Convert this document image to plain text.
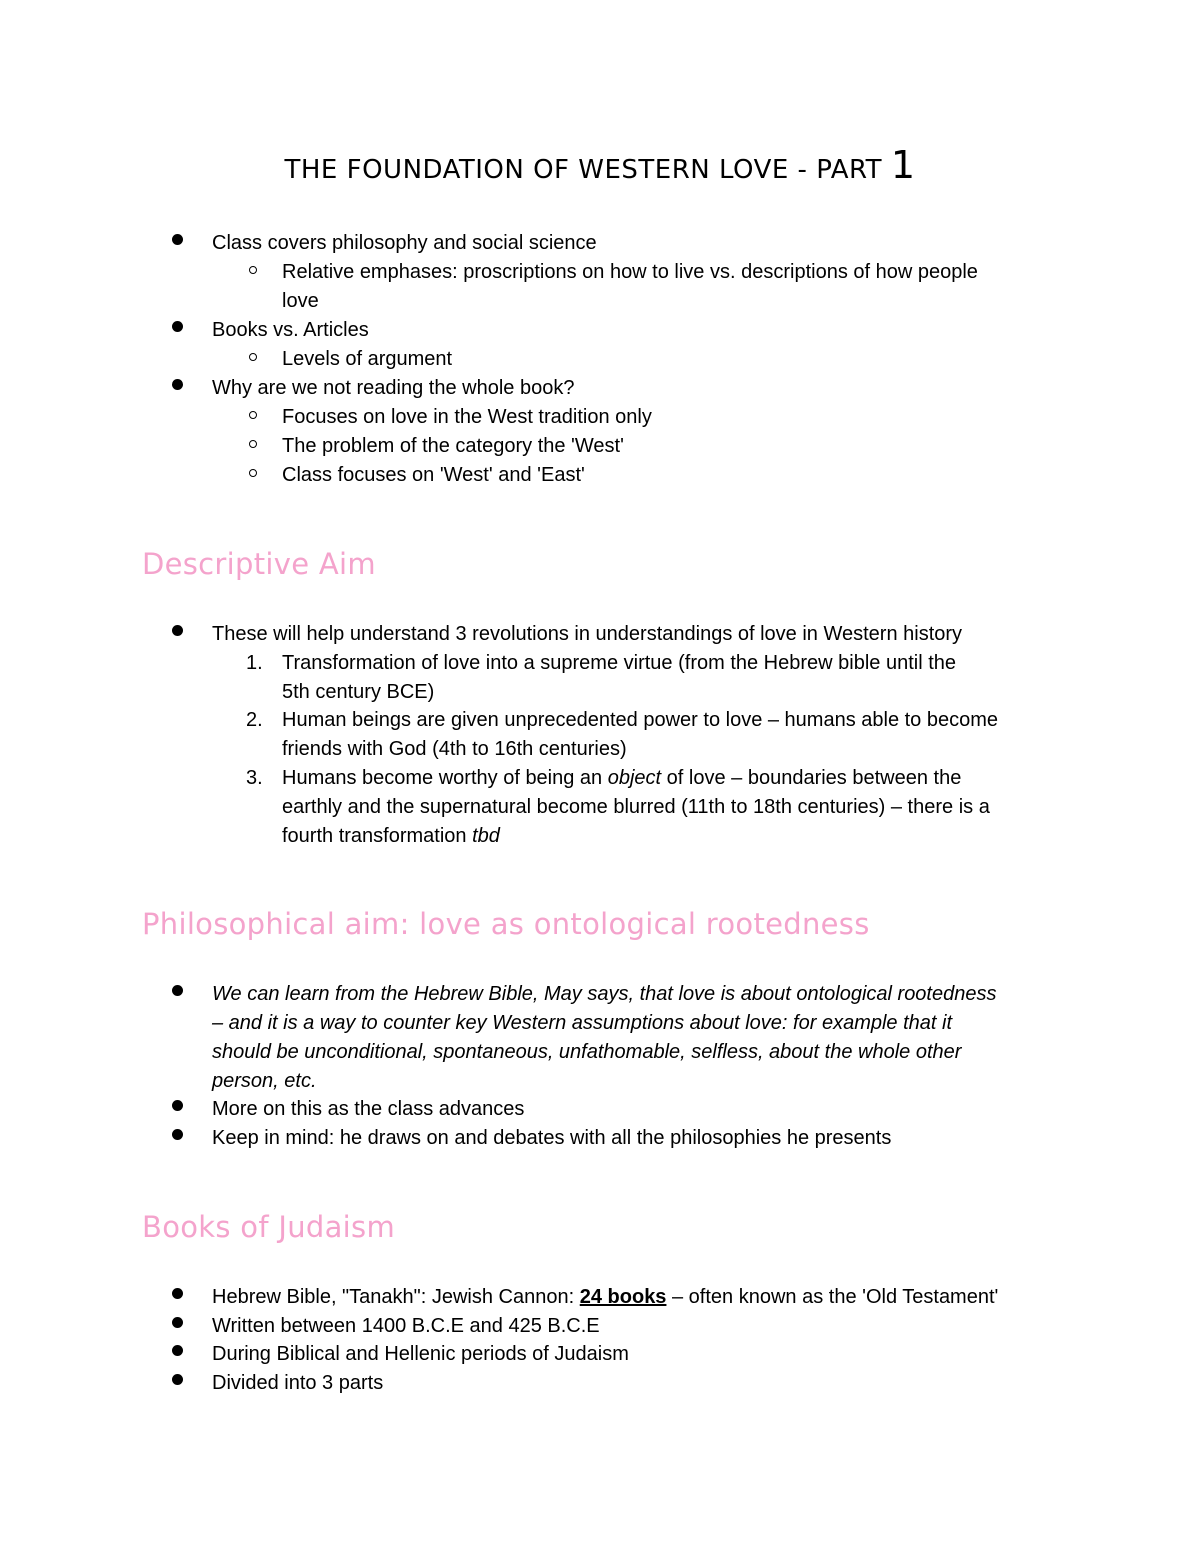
THE FOUNDATION OF WESTERN LOVE - PART 1
Class covers philosophy and social science
Relative emphases: proscriptions on how to live vs. descriptions of how people
love
Books vs. Articles
Levels of argument
Why are we not reading the whole book?
Focuses on love in the West tradition only
The problem of the category the 'West'
Class focuses on 'West' and 'East'
Descriptive Aim
These will help understand 3 revolutions in understandings of love in Western history
1. Transformation of love into a supreme virtue (from the Hebrew bible until the
5th century BCE)
2. Human beings are given unprecedented power to love – humans able to become
friends with God (4th to 16th centuries)
3. Humans become worthy of being an object of love – boundaries between the
earthly and the supernatural become blurred (11th to 18th centuries) – there is a
fourth transformation tbd
Philosophical aim: love as ontological rootedness
We can learn from the Hebrew Bible, May says, that love is about ontological rootedness
– and it is a way to counter key Western assumptions about love: for example that it
should be unconditional, spontaneous, unfathomable, selfless, about the whole other
person, etc.
More on this as the class advances
Keep in mind: he draws on and debates with all the philosophies he presents
Books of Judaism
Hebrew Bible, "Tanakh": Jewish Cannon: 24 books – often known as the 'Old Testament'
Written between 1400 B.C.E and 425 B.C.E
During Biblical and Hellenic periods of Judaism
Divided into 3 parts
